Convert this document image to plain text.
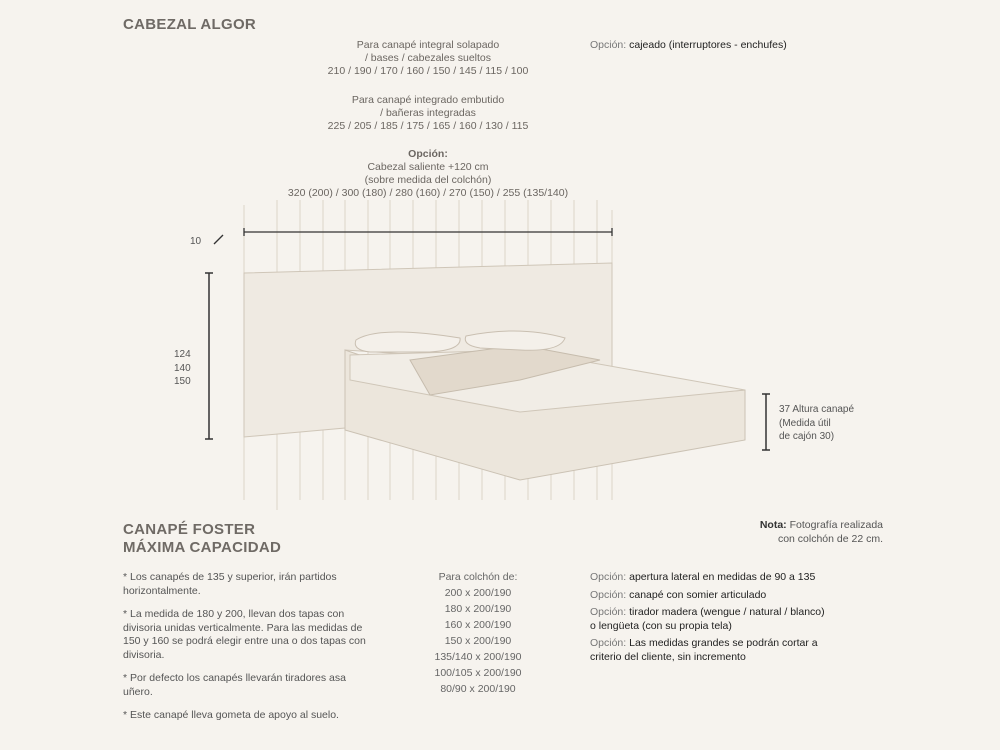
CABEZAL ALGOR
Para canapé integral solapado
/ bases / cabezales sueltos
210 / 190 / 170 / 160 / 150 / 145 / 115 / 100
Para canapé integrado embutido
/ bañeras integradas
225 / 205 / 185 / 175 / 165 / 160 / 130 / 115
Opción:
Cabezal saliente +120 cm
(sobre medida del colchón)
320 (200) / 300 (180) / 280 (160) / 270 (150) / 255 (135/140)
Opción: cajeado (interruptores - enchufes)
10
124
140
150
37 Altura canapé
(Medida útil
de cajón 30)
CANAPÉ FOSTER
MÁXIMA CAPACIDAD
Nota: Fotografía realizada
con colchón de 22 cm.

* Los canapés de 135 y superior, irán partidos horizontalmente.

* La medida de 180 y 200, llevan dos tapas con divisoria unidas verticalmente. Para las medidas de 150 y 160 se podrá elegir entre una o dos tapas con divisoria.

* Por defecto los canapés llevarán tiradores asa uñero.

* Este canapé lleva gometa de apoyo al suelo.

Para colchón de:
200 x 200/190
180 x 200/190
160 x 200/190
150 x 200/190
135/140 x 200/190
100/105 x 200/190
80/90 x 200/190
Opción: apertura lateral en medidas de 90 a 135
Opción: canapé con somier articulado
Opción: tirador madera (wengue / natural / blanco)
o lengüeta (con su propia tela)
Opción: Las medidas grandes se podrán cortar a
criterio del cliente, sin incremento
